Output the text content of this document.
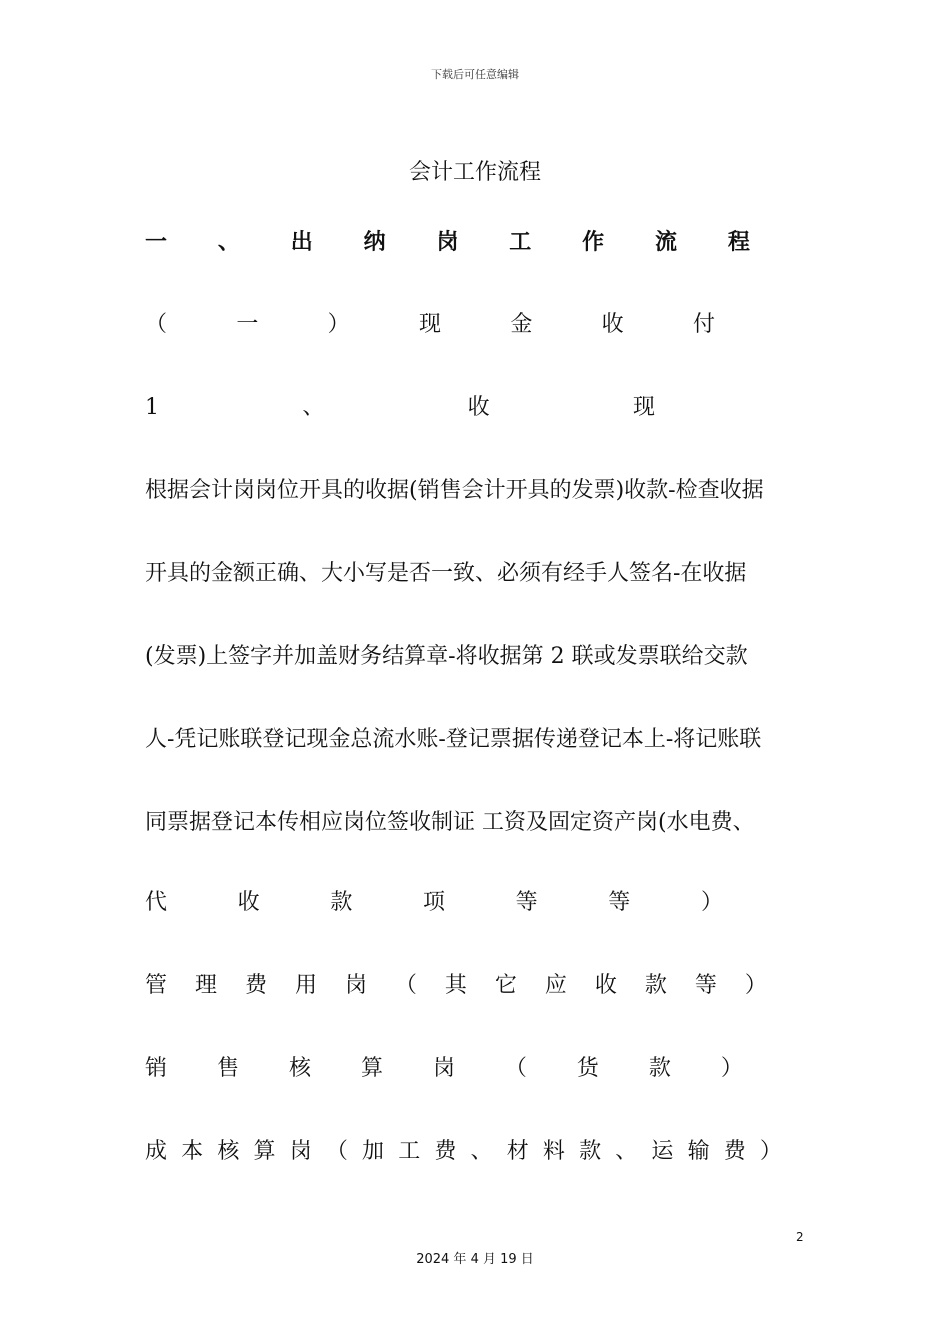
下载后可任意编辑
会计工作流程
一 、 出 纳 岗 工 作 流 程
（	一	）	现	金	收	付
1	、	收	现
根据会计岗岗位开具的收据(销售会计开具的发票)收款-检查收据
开具的金额正确、大小写是否一致、必须有经手人签名-在收据
(发票)上签字并加盖财务结算章-将收据第 2 联或发票联给交款
人-凭记账联登记现金总流水账-登记票据传递登记本上-将记账联
同票据登记本传相应岗位签收制证 工资及固定资产岗(水电费、
代	收	款	项	等	等	）
管 理 费 用 岗 （ 其 它 应 收 款 等 ）
销 售 核 算 岗 （ 货 款 ）
成 本 核 算 岗 （ 加 工 费 、 材 料 款 、 运 输 费 ）
2
2024 年 4 月 19 日
